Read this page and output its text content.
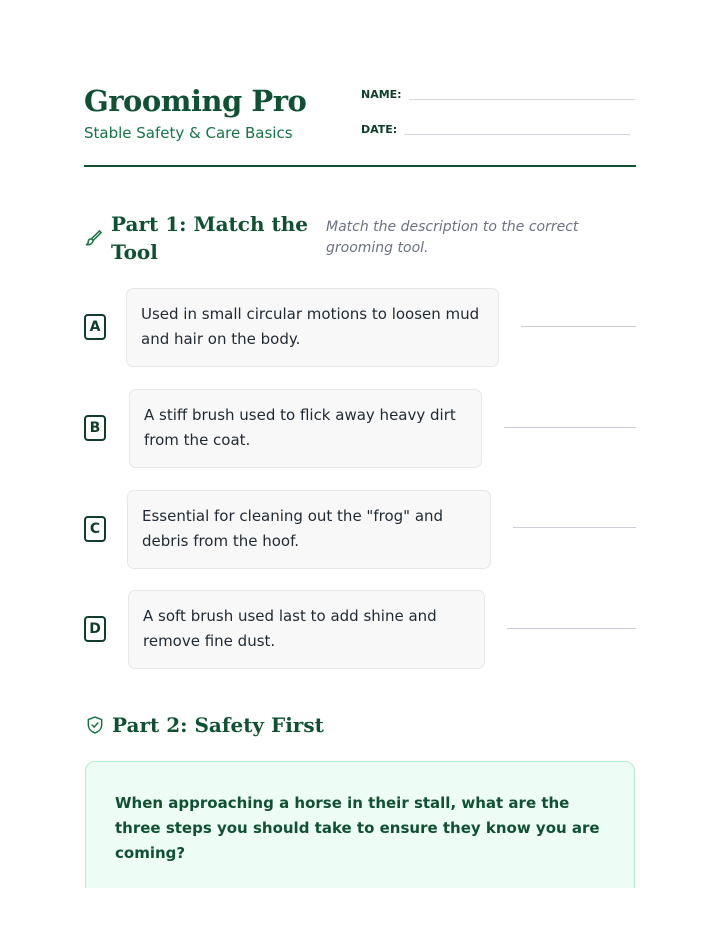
Grooming Pro
Stable Safety & Care Basics
NAME:
DATE:
Part 1: Match the Tool
Match the description to the correct grooming tool.
A
Used in small circular motions to loosen mud and hair on the body.
B
A stiff brush used to flick away heavy dirt from the coat.
C
Essential for cleaning out the "frog" and debris from the hoof.
D
A soft brush used last to add shine and remove fine dust.
Part 2: Safety First
When approaching a horse in their stall, what are the three steps you should take to ensure they know you are coming?
